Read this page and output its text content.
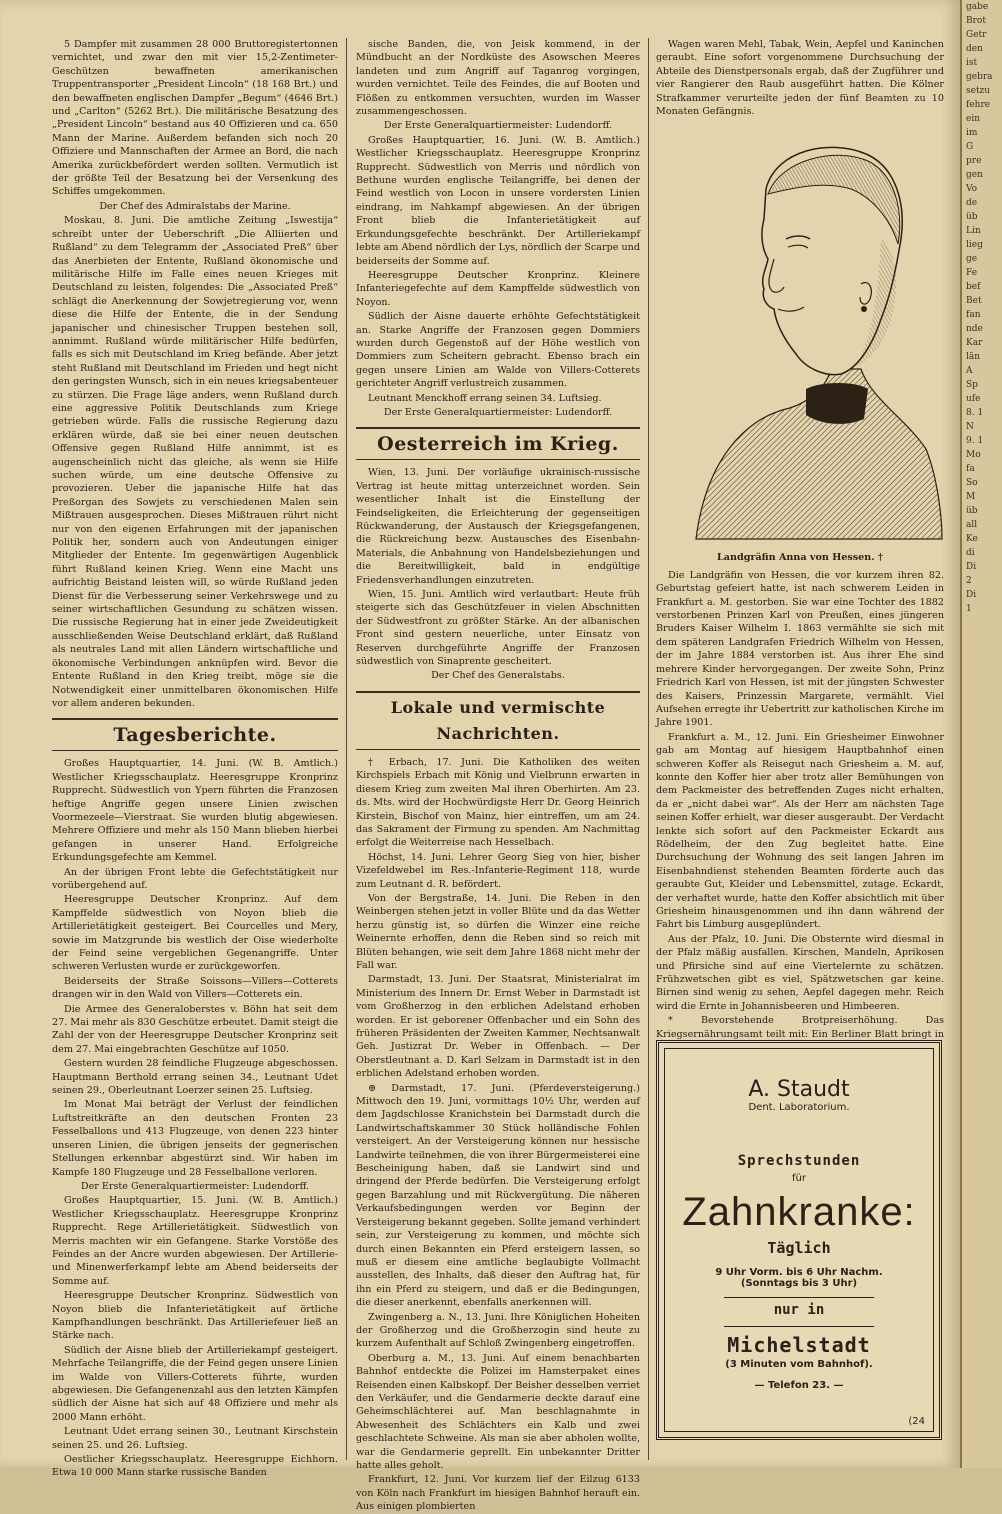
5 Dampfer mit zusammen 28 000 Bruttoregistertonnen vernichtet, und zwar den mit vier 15,2-Zentimeter-Geschützen bewaffneten amerikanischen Truppentransporter „President Lincoln“ (18 168 Brt.) und den bewaffneten englischen Dampfer „Begum“ (4646 Brt.) und „Carlton“ (5262 Brt.). Die militärische Besatzung des „President Lincoln“ bestand aus 40 Offizieren und ca. 650 Mann der Marine. Außerdem befanden sich noch 20 Offiziere und Mannschaften der Armee an Bord, die nach Amerika zurückbefördert werden sollten. Vermutlich ist der größte Teil der Besatzung bei der Versenkung des Schiffes umgekommen.

Der Chef des Admiralstabs der Marine.

Moskau, 8. Juni. Die amtliche Zeitung „Iswestija“ schreibt unter der Ueberschrift „Die Alliierten und Rußland“ zu dem Telegramm der „Associated Preß“ über das Anerbieten der Entente, Rußland ökonomische und militärische Hilfe im Falle eines neuen Krieges mit Deutschland zu leisten, folgendes: Die „Associated Preß“ schlägt die Anerkennung der Sowjetregierung vor, wenn diese die Hilfe der Entente, die in der Sendung japanischer und chinesischer Truppen bestehen soll, annimmt. Rußland würde militärischer Hilfe bedürfen, falls es sich mit Deutschland im Krieg befände. Aber jetzt steht Rußland mit Deutschland im Frieden und hegt nicht den geringsten Wunsch, sich in ein neues kriegsabenteuer zu stürzen. Die Frage läge anders, wenn Rußland durch eine aggressive Politik Deutschlands zum Kriege getrieben würde. Falls die russische Regierung dazu erklären würde, daß sie bei einer neuen deutschen Offensive gegen Rußland Hilfe annimmt, ist es augenscheinlich nicht das gleiche, als wenn sie Hilfe suchen würde, um eine deutsche Offensive zu provozieren. Ueber die japanische Hilfe hat das Preßorgan des Sowjets zu verschiedenen Malen sein Mißtrauen ausgesprochen. Dieses Mißtrauen rührt nicht nur von den eigenen Erfahrungen mit der japanischen Politik her, sondern auch von Andeutungen einiger Mitglieder der Entente. Im gegenwärtigen Augenblick führt Rußland keinen Krieg. Wenn eine Macht uns aufrichtig Beistand leisten will, so würde Rußland jeden Dienst für die Verbesserung seiner Verkehrswege und zu seiner wirtschaftlichen Gesundung zu schätzen wissen. Die russische Regierung hat in einer jede Zweideutigkeit ausschließenden Weise Deutschland erklärt, daß Rußland als neutrales Land mit allen Ländern wirtschaftliche und ökonomische Verbindungen anknüpfen wird. Bevor die Entente Rußland in den Krieg treibt, möge sie die Notwendigkeit einer unmittelbaren ökonomischen Hilfe vor allem anderen bekunden.

Tagesberichte.

Großes Hauptquartier, 14. Juni. (W. B. Amtlich.) Westlicher Kriegsschauplatz. Heeresgruppe Kronprinz Rupprecht. Südwestlich von Ypern führten die Franzosen heftige Angriffe gegen unsere Linien zwischen Voormezeele—Vierstraat. Sie wurden blutig abgewiesen. Mehrere Offiziere und mehr als 150 Mann blieben hierbei gefangen in unserer Hand. Erfolgreiche Erkundungsgefechte am Kemmel.

An der übrigen Front lebte die Gefechtstätigkeit nur vorübergehend auf.

Heeresgruppe Deutscher Kronprinz. Auf dem Kampffelde südwestlich von Noyon blieb die Artillerietätigkeit gesteigert. Bei Courcelles und Mery, sowie im Matzgrunde bis westlich der Oise wiederholte der Feind seine vergeblichen Gegenangriffe. Unter schweren Verlusten wurde er zurückgeworfen.

Beiderseits der Straße Soissons—Villers—Cotterets drangen wir in den Wald von Villers—Cotterets ein.

Die Armee des Generaloberstes v. Böhn hat seit dem 27. Mai mehr als 830 Geschütze erbeutet. Damit steigt die Zahl der von der Heeresgruppe Deutscher Kronprinz seit dem 27. Mai eingebrachten Geschütze auf 1050.

Gestern wurden 28 feindliche Flugzeuge abgeschossen. Hauptmann Berthold errang seinen 34., Leutnant Udet seinen 29., Oberleutnant Loerzer seinen 25. Luftsieg.

Im Monat Mai beträgt der Verlust der feindlichen Luftstreitkräfte an den deutschen Fronten 23 Fesselballons und 413 Flugzeuge, von denen 223 hinter unseren Linien, die übrigen jenseits der gegnerischen Stellungen erkennbar abgestürzt sind. Wir haben im Kampfe 180 Flugzeuge und 28 Fesselballone verloren.

Der Erste Generalquartiermeister: Ludendorff.

Großes Hauptquartier, 15. Juni. (W. B. Amtlich.) Westlicher Kriegsschauplatz. Heeresgruppe Kronprinz Rupprecht. Rege Artillerietätigkeit. Südwestlich von Merris machten wir ein Gefangene. Starke Vorstöße des Feindes an der Ancre wurden abgewiesen. Der Artillerie- und Minenwerferkampf lebte am Abend beiderseits der Somme auf.

Heeresgruppe Deutscher Kronprinz. Südwestlich von Noyon blieb die Infanterietätigkeit auf örtliche Kampfhandlungen beschränkt. Das Artilleriefeuer ließ an Stärke nach.

Südlich der Aisne blieb der Artilleriekampf gesteigert. Mehrfache Teilangriffe, die der Feind gegen unsere Linien im Walde von Villers-Cotterets führte, wurden abgewiesen. Die Gefangenenzahl aus den letzten Kämpfen südlich der Aisne hat sich auf 48 Offiziere und mehr als 2000 Mann erhöht.

Leutnant Udet errang seinen 30., Leutnant Kirschstein seinen 25. und 26. Luftsieg.

Oestlicher Kriegsschauplatz. Heeresgruppe Eichhorn. Etwa 10 000 Mann starke russische Banden

sische Banden, die, von Jeisk kommend, in der Mündbucht an der Nordküste des Asowschen Meeres landeten und zum Angriff auf Taganrog vorgingen, wurden vernichtet. Teile des Feindes, die auf Booten und Flößen zu entkommen versuchten, wurden im Wasser zusammengeschossen.

Der Erste Generalquartiermeister: Ludendorff.

Großes Hauptquartier, 16. Juni. (W. B. Amtlich.) Westlicher Kriegsschauplatz. Heeresgruppe Kronprinz Rupprecht. Südwestlich von Merris und nördlich von Bethune wurden englische Teilangriffe, bei denen der Feind westlich von Locon in unsere vordersten Linien eindrang, im Nahkampf abgewiesen. An der übrigen Front blieb die Infanterietätigkeit auf Erkundungsgefechte beschränkt. Der Artilleriekampf lebte am Abend nördlich der Lys, nördlich der Scarpe und beiderseits der Somme auf.

Heeresgruppe Deutscher Kronprinz. Kleinere Infanteriegefechte auf dem Kampffelde südwestlich von Noyon.

Südlich der Aisne dauerte erhöhte Gefechtstätigkeit an. Starke Angriffe der Franzosen gegen Dommiers wurden durch Gegenstoß auf der Höhe westlich von Dommiers zum Scheitern gebracht. Ebenso brach ein gegen unsere Linien am Walde von Villers-Cotterets gerichteter Angriff verlustreich zusammen.

Leutnant Menckhoff errang seinen 34. Luftsieg.

Der Erste Generalquartiermeister: Ludendorff.

Oesterreich im Krieg.

Wien, 13. Juni. Der vorläufige ukrainisch-russische Vertrag ist heute mittag unterzeichnet worden. Sein wesentlicher Inhalt ist die Einstellung der Feindseligkeiten, die Erleichterung der gegenseitigen Rückwanderung, der Austausch der Kriegsgefangenen, die Rückreichung bezw. Austausches des Eisenbahn-Materials, die Anbahnung von Handelsbeziehungen und die Bereitwilligkeit, bald in endgültige Friedensverhandlungen einzutreten.

Wien, 15. Juni. Amtlich wird verlautbart: Heute früh steigerte sich das Geschützfeuer in vielen Abschnitten der Südwestfront zu größter Stärke. An der albanischen Front sind gestern neuerliche, unter Einsatz von Reserven durchgeführte Angriffe der Franzosen südwestlich von Sinaprente gescheitert.

Der Chef des Generalstabs.

Lokale und vermischte Nachrichten.

† Erbach, 17. Juni. Die Katholiken des weiten Kirchspiels Erbach mit König und Vielbrunn erwarten in diesem Krieg zum zweiten Mal ihren Oberhirten. Am 23. ds. Mts. wird der Hochwürdigste Herr Dr. Georg Heinrich Kirstein, Bischof von Mainz, hier eintreffen, um am 24. das Sakrament der Firmung zu spenden. Am Nachmittag erfolgt die Weiterreise nach Hesselbach.

Höchst, 14. Juni. Lehrer Georg Sieg von hier, bisher Vizefeldwebel im Res.-Infanterie-Regiment 118, wurde zum Leutnant d. R. befördert.

Von der Bergstraße, 14. Juni. Die Reben in den Weinbergen stehen jetzt in voller Blüte und da das Wetter herzu günstig ist, so dürfen die Winzer eine reiche Weinernte erhoffen, denn die Reben sind so reich mit Blüten behangen, wie seit dem Jahre 1868 nicht mehr der Fall war.

Darmstadt, 13. Juni. Der Staatsrat, Ministerialrat im Ministerium des Innern Dr. Ernst Weber in Darmstadt ist vom Großherzog in den erblichen Adelstand erhoben worden. Er ist geborener Offenbacher und ein Sohn des früheren Präsidenten der Zweiten Kammer, Nechtsanwalt Geh. Justizrat Dr. Weber in Offenbach. — Der Oberstleutnant a. D. Karl Selzam in Darmstadt ist in den erblichen Adelstand erhoben worden.

⊕ Darmstadt, 17. Juni. (Pferdeversteigerung.) Mittwoch den 19. Juni, vormittags 10½ Uhr, werden auf dem Jagdschlosse Kranichstein bei Darmstadt durch die Landwirtschaftskammer 30 Stück holländische Fohlen versteigert. An der Versteigerung können nur hessische Landwirte teilnehmen, die von ihrer Bürgermeisterei eine Bescheinigung haben, daß sie Landwirt sind und dringend der Pferde bedürfen. Die Versteigerung erfolgt gegen Barzahlung und mit Rückvergütung. Die näheren Verkaufsbedingungen werden vor Beginn der Versteigerung bekannt gegeben. Sollte jemand verhindert sein, zur Versteigerung zu kommen, und möchte sich durch einen Bekannten ein Pferd ersteigern lassen, so muß er diesem eine amtliche beglaubigte Vollmacht ausstellen, des Inhalts, daß dieser den Auftrag hat, für ihn ein Pferd zu steigern, und daß er die Bedingungen, die dieser anerkennt, ebenfalls anerkennen will.

Zwingenberg a. N., 13. Juni. Ihre Königlichen Hoheiten der Großherzog und die Großherzogin sind heute zu kurzem Aufenthalt auf Schloß Zwingenberg eingetroffen.

Oberburg a. M., 13. Juni. Auf einem benachbarten Bahnhof entdeckte die Polizei im Hamsterpaket eines Reisenden einen Kalbskopf. Der Beisher desselben verriet den Verkäufer, und die Gendarmerie deckte darauf eine Geheimschlächterei auf. Man beschlagnahmte in Abwesenheit des Schlächters ein Kalb und zwei geschlachtete Schweine. Als man sie aber abholen wollte, war die Gendarmerie geprellt. Ein unbekannter Dritter hatte alles geholt.

Frankfurt, 12. Juni. Vor kurzem lief der Eilzug 6133 von Köln nach Frankfurt im hiesigen Bahnhof herauft ein. Aus einigen plombierten

Wagen waren Mehl, Tabak, Wein, Aepfel und Kaninchen geraubt. Eine sofort vorgenommene Durchsuchung der Abteile des Dienstpersonals ergab, daß der Zugführer und vier Rangierer den Raub ausgeführt hatten. Die Kölner Strafkammer verurteilte jeden der fünf Beamten zu 10 Monaten Gefängnis.

Landgräfin Anna von Hessen. †

Die Landgräfin von Hessen, die vor kurzem ihren 82. Geburtstag gefeiert hatte, ist nach schwerem Leiden in Frankfurt a. M. gestorben. Sie war eine Tochter des 1882 verstorbenen Prinzen Karl von Preußen, eines jüngeren Bruders Kaiser Wilhelm I. 1863 vermählte sie sich mit dem späteren Landgrafen Friedrich Wilhelm von Hessen, der im Jahre 1884 verstorben ist. Aus ihrer Ehe sind mehrere Kinder hervorgegangen. Der zweite Sohn, Prinz Friedrich Karl von Hessen, ist mit der jüngsten Schwester des Kaisers, Prinzessin Margarete, vermählt. Viel Aufsehen erregte ihr Uebertritt zur katholischen Kirche im Jahre 1901.

Frankfurt a. M., 12. Juni. Ein Griesheimer Einwohner gab am Montag auf hiesigem Hauptbahnhof einen schweren Koffer als Reisegut nach Griesheim a. M. auf, konnte den Koffer hier aber trotz aller Bemühungen von dem Packmeister des betreffenden Zuges nicht erhalten, da er „nicht dabei war“. Als der Herr am nächsten Tage seinen Koffer erhielt, war dieser ausgeraubt. Der Verdacht lenkte sich sofort auf den Packmeister Eckardt aus Rödelheim, der den Zug begleitet hatte. Eine Durchsuchung der Wohnung des seit langen Jahren im Eisenbahndienst stehenden Beamten förderte auch das geraubte Gut, Kleider und Lebensmittel, zutage. Eckardt, der verhaftet wurde, hatte den Koffer absichtlich mit über Griesheim hinausgenommen und ihn dann während der Fahrt bis Limburg ausgeplündert.

Aus der Pfalz, 10. Juni. Die Obsternte wird diesmal in der Pfalz mäßig ausfallen. Kirschen, Mandeln, Aprikosen und Pfirsiche sind auf eine Viertelernte zu schätzen. Frühzwetschen gibt es viel, Spätzwetschen gar keine. Birnen sind wenig zu sehen, Aepfel dagegen mehr. Reich wird die Ernte in Johannisbeeren und Himbeeren.

* Bevorstehende Brotpreiserhöhung. Das Kriegsernährungsamt teilt mit: Ein Berliner Blatt bringt in

A. Staudt
Dent. Laboratorium.
Sprechstunden
für
Zahnkranke:
Täglich
9 Uhr Vorm. bis 6 Uhr Nachm.
(Sonntags bis 3 Uhr)
nur in
Michelstadt
(3 Minuten vom Bahnhof).
— Telefon 23. —
(24
gabe
Brot
Getr
den
ist
gebra
setzu
fehre
ein
im
G
pre
gen
Vo
de
üb
Lin
lieg
ge
Fe
bef
Bet
fan
nde
Kar
län
A
Sp
ufe
8. 1
N
9. 1
Mo
fa
So
M
üb
all
Ke
di
Di
2
Di
1
